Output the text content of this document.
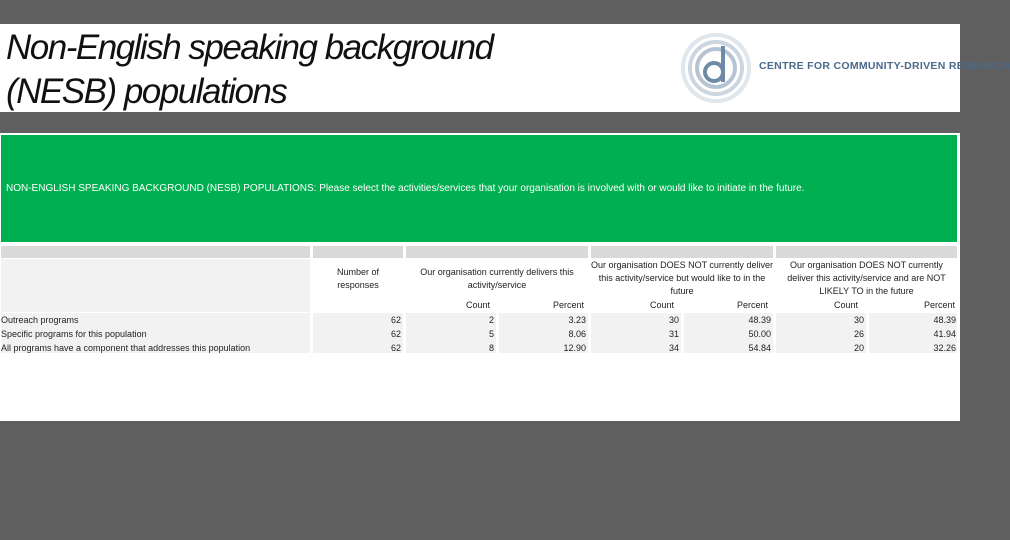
Non-English speaking background
(NESB) populations
CENTRE FOR COMMUNITY-DRIVEN RESEARCH
NON-ENGLISH SPEAKING BACKGROUND (NESB) POPULATIONS: Please select the activities/services that your organisation is involved with or would like to initiate in the future.
Number of responses
Our organisation currently delivers this activity/service
Our organisation DOES NOT currently deliver this activity/service but would like to in the future
Our organisation DOES NOT currently deliver this activity/service and are NOT LIKELY TO in the future
Count	Percent	Count	Percent	Count	Percent
Outreach programs	62	2	3.23	30	48.39	30	48.39
Specific programs for this population	62	5	8.06	31	50.00	26	41.94
All programs have a component that addresses this population	62	8	12.90	34	54.84	20	32.26
